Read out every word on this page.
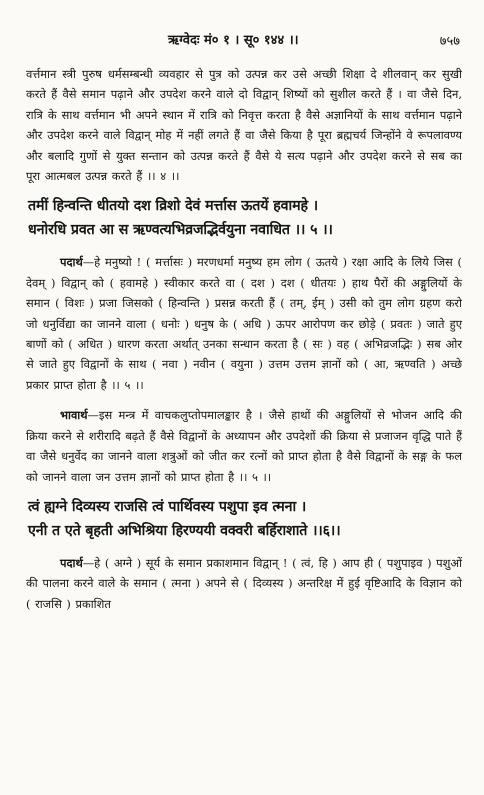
ऋग्वेदः मं० १ । सू० १४४ ।।	७५७

वर्त्तमान स्त्री पुरुष धर्मसम्बन्धी व्यवहार से पुत्र को उत्पन्न कर उसे अच्छी शिक्षा दे शीलवान् कर सुखी करते हैं वैसे समान पढ़ाने और उपदेश करने वाले दो विद्वान् शिष्यों को सुशील करते हैं । वा जैसे दिन, रात्रि के साथ वर्त्तमान भी अपने स्थान में रात्रि को निवृत्त करता है वैसे अज्ञानियों के साथ वर्त्तमान पढ़ाने और उपदेश करने वाले विद्वान् मोह में नहीं लगते हैं वा जैसे किया है पूरा ब्रह्मचर्य जिन्होंने वे रूपलावण्य और बलादि गुणों से युक्त सन्तान को उत्पन्न करते हैं वैसे ये सत्य पढ़ाने और उपदेश करने से सब का पूरा आत्मबल उत्पन्न करते हैं ।। ४ ।।

तमीं हिन्वन्ति धीतयो दश व्रिशो देवं मर्त्तास ऊतयें हवामहे ।
धनोरधि प्रवत आ स ऋण्वत्यभिव्रजद्भिर्वयुना नवाधित ।। ५ ।।

पदार्थ—हे मनुष्यो ! ( मर्त्तासः ) मरणधर्मा मनुष्य हम लोग ( ऊतये ) रक्षा आदि के लिये जिस ( देवम् ) विद्वान् को ( हवामहे ) स्वीकार करते वा ( दश ) दश ( धीतयः ) हाथ पैरों की अङ्गुलियों के समान ( विशः ) प्रजा जिसको ( हिन्वन्ति ) प्रसन्न करती हैं ( तम्, ईम् ) उसी को तुम लोग ग्रहण करो जो धनुर्विद्या का जानने वाला ( धनोः ) धनुष के ( अधि ) ऊपर आरोपण कर छोड़े ( प्रवतः ) जाते हुए बाणों को ( अधित ) धारण करता अर्थात् उनका सन्धान करता है ( सः ) वह ( अभिव्रजद्भिः ) सब ओर से जाते हुए विद्वानों के साथ ( नवा ) नवीन ( वयुना ) उत्तम उत्तम ज्ञानों को ( आ, ऋण्वति ) अच्छे प्रकार प्राप्त होता है ।। ५ ।।

भावार्थ—इस मन्त्र में वाचकलुप्तोपमालङ्कार है । जैसे हाथों की अङ्गुलियों से भोजन आदि की क्रिया करने से शरीरादि बढ़ते हैं वैसे विद्वानों के अध्यापन और उपदेशों की क्रिया से प्रजाजन वृद्धि पाते हैं वा जैसे धनुर्वेद का जानने वाला शत्रुओं को जीत कर रत्नों को प्राप्त होता है वैसे विद्वानों के सङ्ग के फल को जानने वाला जन उत्तम ज्ञानों को प्राप्त होता है ।। ५ ।।

त्वं ह्यग्ने दिव्यस्य राजसि त्वं पार्थिवस्य पशुपा इव त्मना ।
एनी त एते बृहती अभिश्रिया हिरण्ययी वक्वरी बर्हिराशाते ।।६।।

पदार्थ—हे ( अग्ने ) सूर्य के समान प्रकाशमान विद्वान् ! ( त्वं, हि ) आप ही ( पशुपाइव ) पशुओं की पालना करने वाले के समान ( त्मना ) अपने से ( दिव्यस्य ) अन्तरिक्ष में हुई वृष्टिआदि के विज्ञान को ( राजसि ) प्रकाशित
